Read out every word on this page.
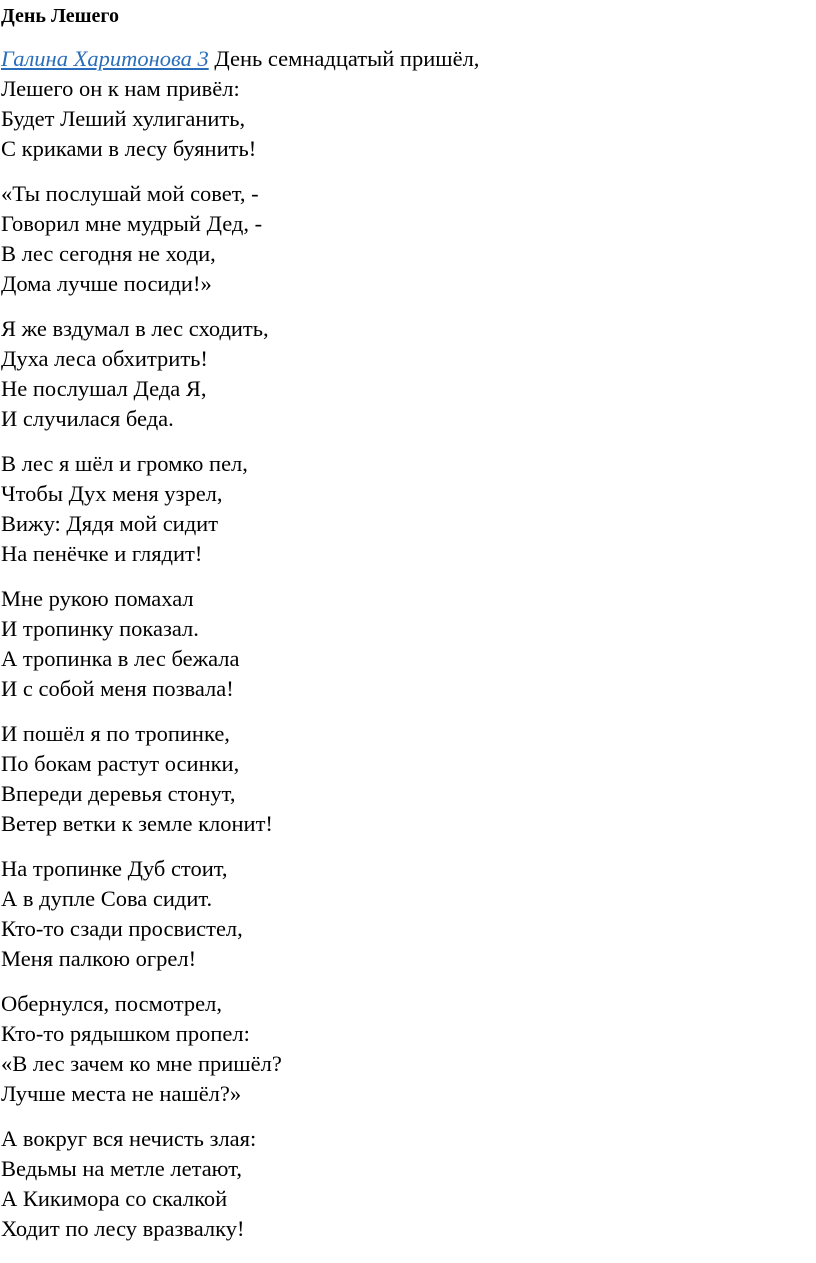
День Лешего
Галина Харитонова 3 День семнадцатый пришёл,
Лешего он к нам привёл:
Будет Леший хулиганить,
С криками в лесу буянить!
«Ты послушай мой совет, -
Говорил мне мудрый Дед, -
В лес сегодня не ходи,
Дома лучше посиди!»
Я же вздумал в лес сходить,
Духа леса обхитрить!
Не послушал Деда Я,
И случилася беда.
В лес я шёл и громко пел,
Чтобы Дух меня узрел,
Вижу: Дядя мой сидит
На пенёчке и глядит!
Мне рукою помахал
И тропинку показал.
А тропинка в лес бежала
И с собой меня позвала!
И пошёл я по тропинке,
По бокам растут осинки,
Впереди деревья стонут,
Ветер ветки к земле клонит!
На тропинке Дуб стоит,
А в дупле Сова сидит.
Кто-то сзади просвистел,
Меня палкою огрел!
Обернулся, посмотрел,
Кто-то рядышком пропел:
«В лес зачем ко мне пришёл?
Лучше места не нашёл?»
А вокруг вся нечисть злая:
Ведьмы на метле летают,
А Кикимора со скалкой
Ходит по лесу вразвалку!
